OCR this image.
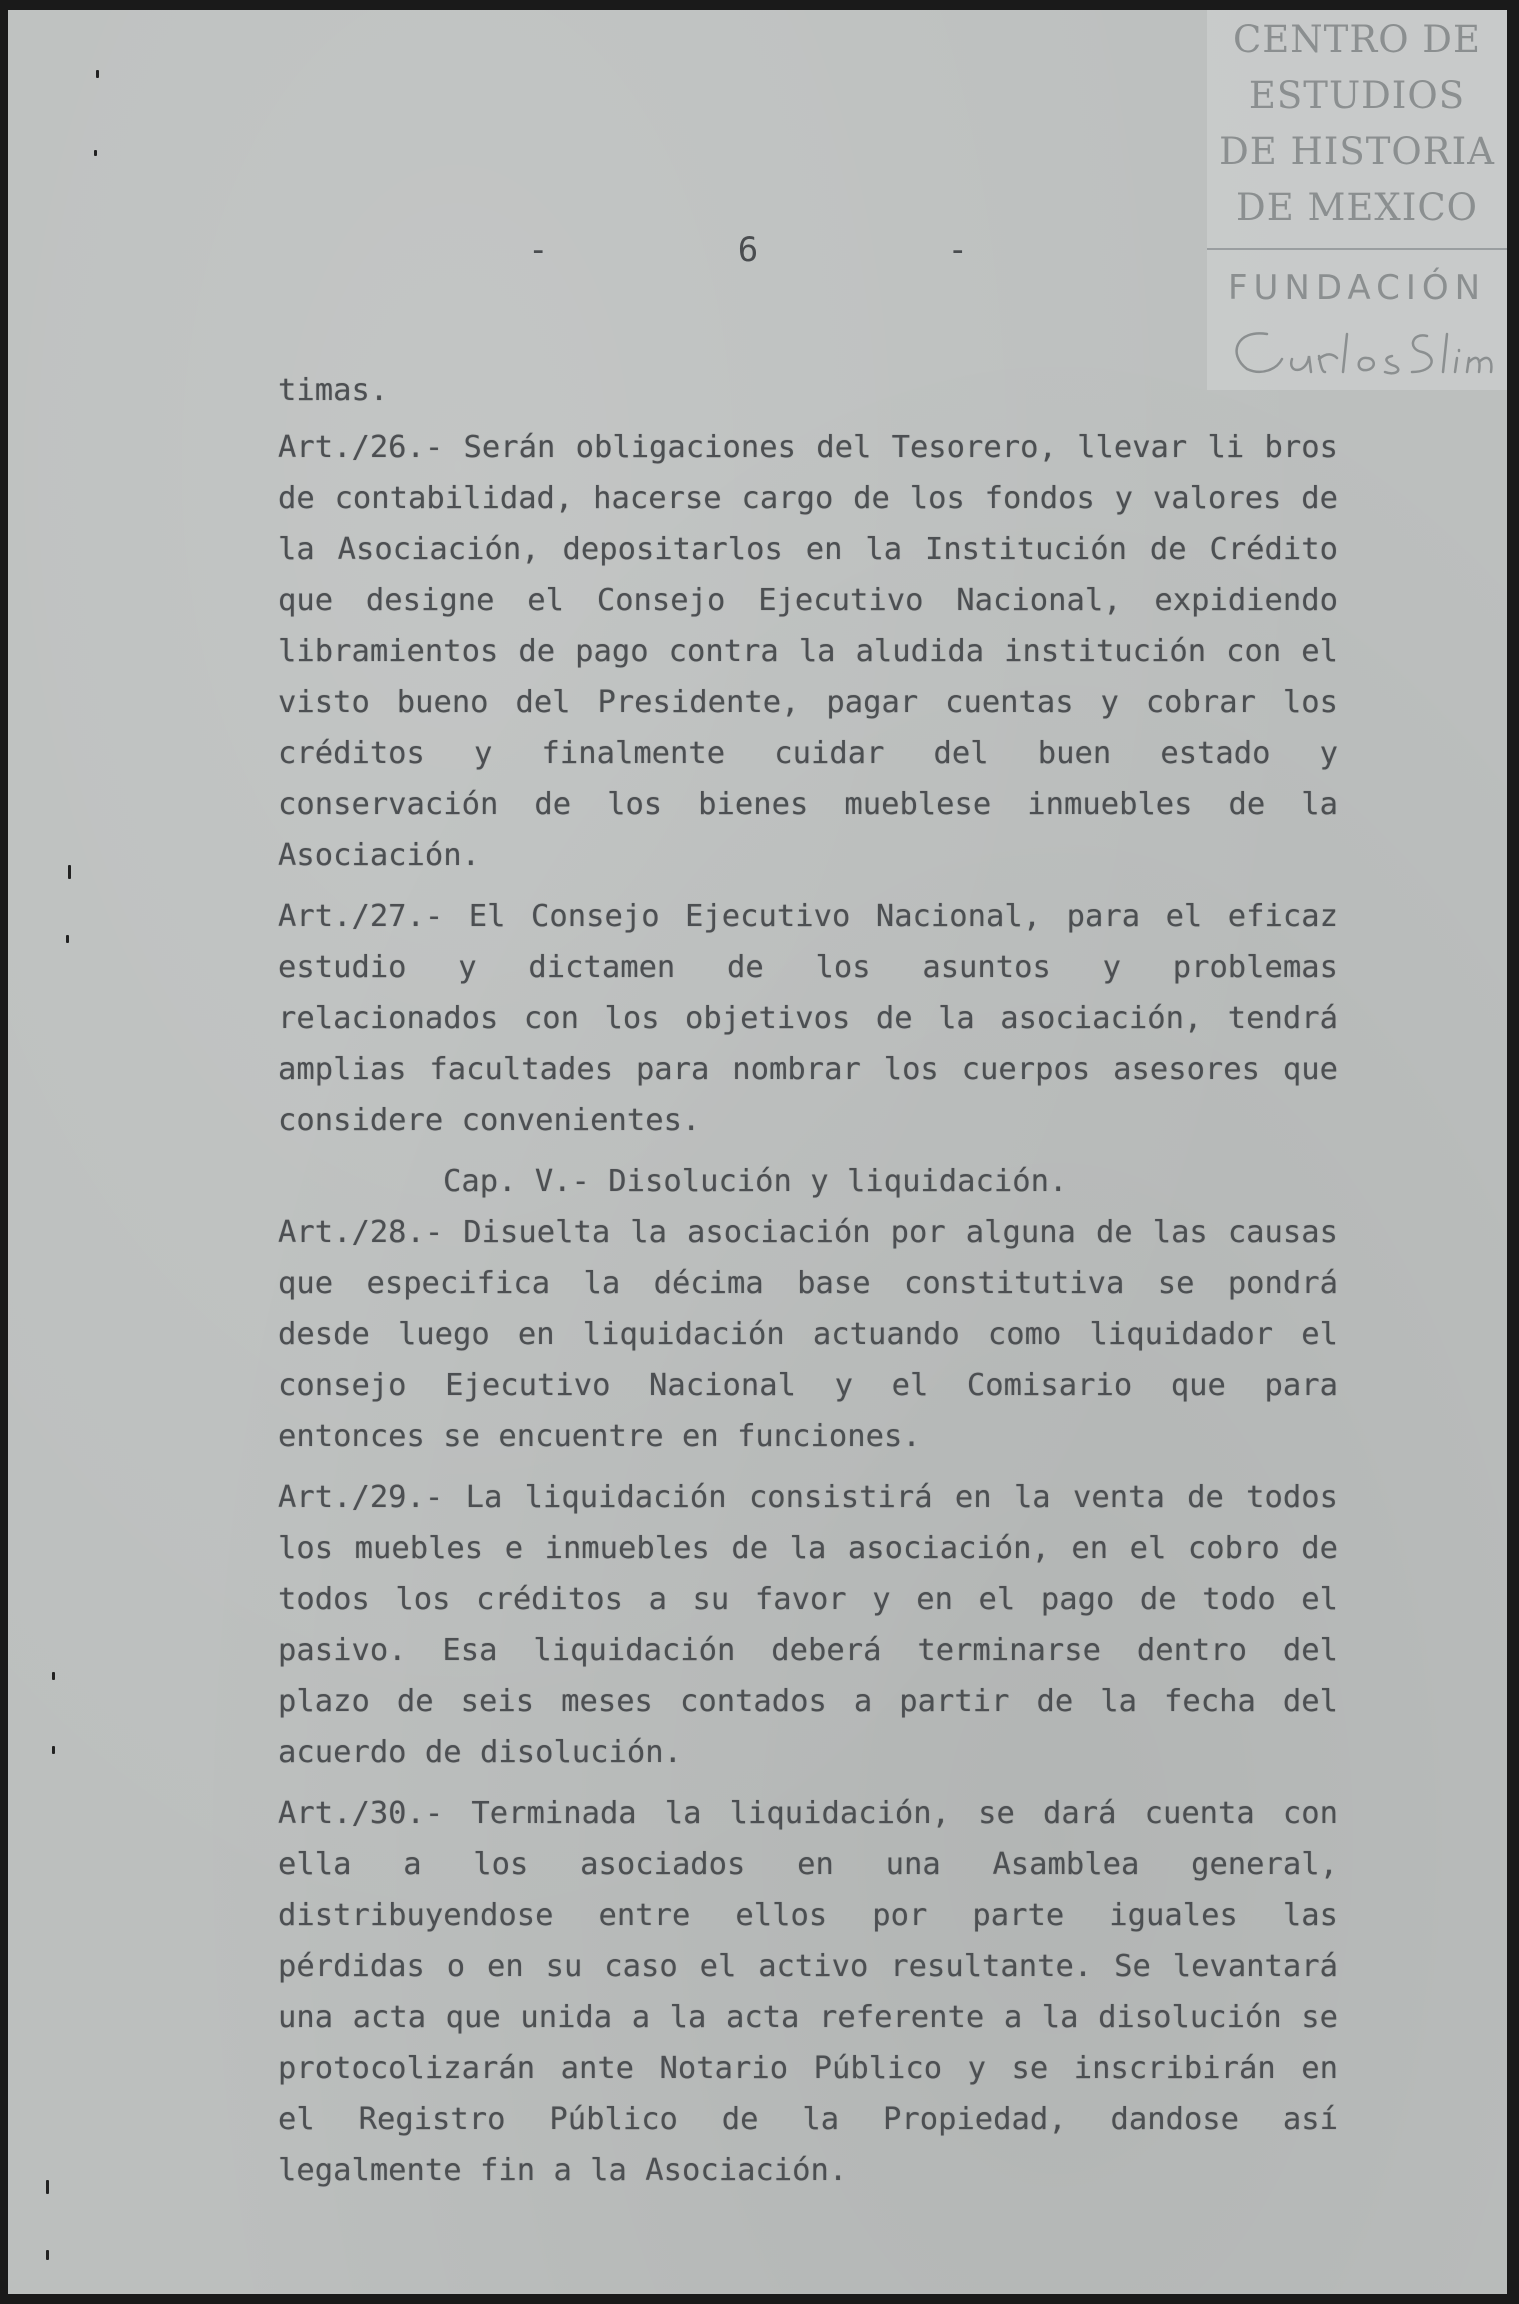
CENTRO DE
ESTUDIOS
DE HISTORIA
DE MEXICO
FUNDACIÓN
-	6	-

timas.

Art./26.- Serán obligaciones del Tesorero, llevar li bros de contabilidad, hacerse cargo de los fondos y valores de la Asociación, depositarlos en la Institución de Crédito que designe el Consejo Ejecutivo Nacional, expidiendo libramientos de pago contra la aludida institución con el visto bueno del Presidente, pagar cuentas y cobrar los créditos y finalmente cuidar del buen estado y conservación de los bienes mueblese inmuebles de la Asociación.

Art./27.- El Consejo Ejecutivo Nacional, para el eficaz estudio y dictamen de los asuntos y problemas relacionados con los objetivos de la asociación, tendrá amplias facultades para nombrar los cuerpos asesores que considere convenientes.

Cap. V.- Disolución y liquidación.

Art./28.- Disuelta la asociación por alguna de las causas que especifica la décima base constitutiva se pondrá desde luego en liquidación actuando como liquidador el consejo Ejecutivo Nacional y el Comisario que para entonces se encuentre en funciones.

Art./29.- La liquidación consistirá en la venta de todos los muebles e inmuebles de la asociación, en el cobro de todos los créditos a su favor y en el pago de todo el pasivo. Esa liquidación deberá terminarse dentro del plazo de seis meses contados a partir de la fecha del acuerdo de disolución.

Art./30.- Terminada la liquidación, se dará cuenta con ella a los asociados en una Asamblea general, distribuyendose entre ellos por parte iguales las pérdidas o en su caso el activo resultante. Se levantará una acta que unida a la acta referente a la disolución se protocolizarán ante Notario Público y se inscribirán en el Registro Público de la Propiedad, dandose así legalmente fin a la Asociación.
